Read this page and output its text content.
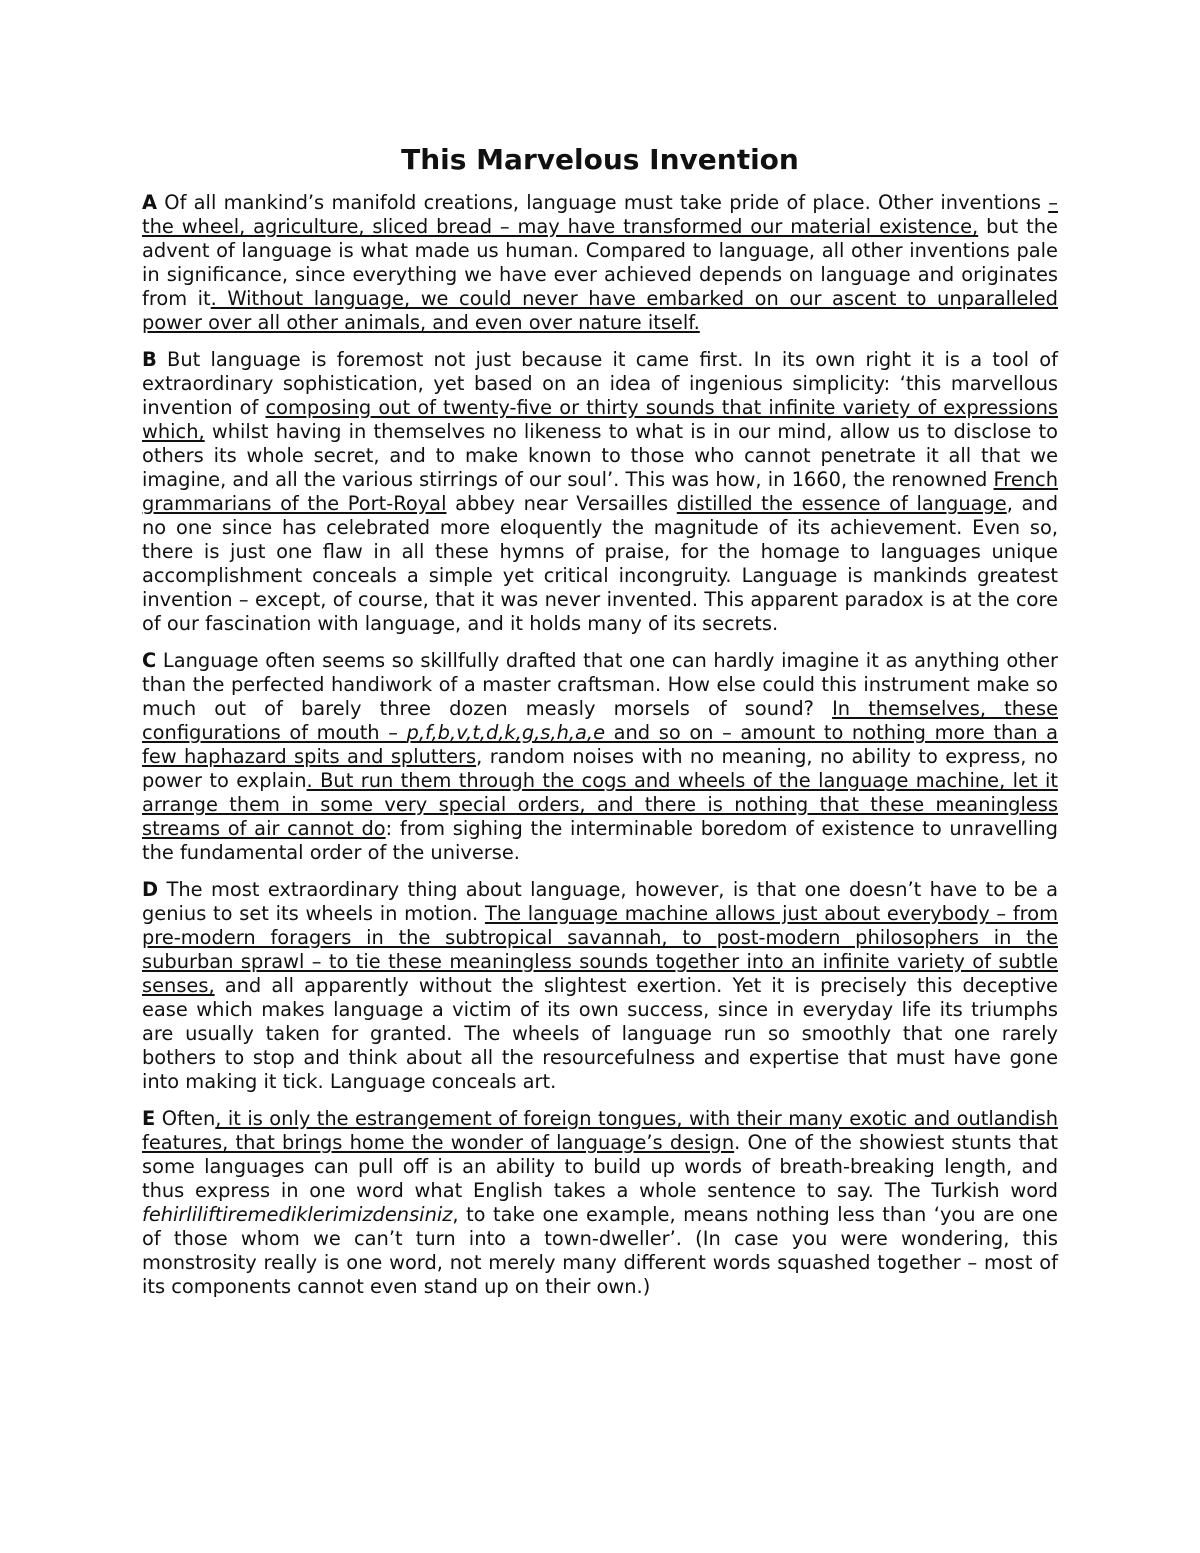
This Marvelous Invention

A Of all mankind’s manifold creations, language must take pride of place. Other inventions – the wheel, agriculture, sliced bread – may have transformed our material existence, but the advent of language is what made us human. Compared to language, all other inventions pale in significance, since everything we have ever achieved depends on language and originates from it. Without language, we could never have embarked on our ascent to unparalleled power over all other animals, and even over nature itself.

B But language is foremost not just because it came first. In its own right it is a tool of extraordinary sophistication, yet based on an idea of ingenious simplicity: ‘this marvellous invention of composing out of twenty-five or thirty sounds that infinite variety of expressions which, whilst having in themselves no likeness to what is in our mind, allow us to disclose to others its whole secret, and to make known to those who cannot penetrate it all that we imagine, and all the various stirrings of our soul’. This was how, in 1660, the renowned French grammarians of the Port-Royal abbey near Versailles distilled the essence of language, and no one since has celebrated more eloquently the magnitude of its achievement. Even so, there is just one flaw in all these hymns of praise, for the homage to languages unique accomplishment conceals a simple yet critical incongruity. Language is mankinds greatest invention – except, of course, that it was never invented. This apparent paradox is at the core of our fascination with language, and it holds many of its secrets.

C Language often seems so skillfully drafted that one can hardly imagine it as anything other than the perfected handiwork of a master craftsman. How else could this instrument make so much out of barely three dozen measly morsels of sound? In themselves, these configurations of mouth – p,f,b,v,t,d,k,g,s,h,a,e and so on – amount to nothing more than a few haphazard spits and splutters, random noises with no meaning, no ability to express, no power to explain. But run them through the cogs and wheels of the language machine, let it arrange them in some very special orders, and there is nothing that these meaningless streams of air cannot do: from sighing the interminable boredom of existence to unravelling the fundamental order of the universe.

D The most extraordinary thing about language, however, is that one doesn’t have to be a genius to set its wheels in motion. The language machine allows just about everybody – from pre-modern foragers in the subtropical savannah, to post-modern philosophers in the suburban sprawl – to tie these meaningless sounds together into an infinite variety of subtle senses, and all apparently without the slightest exertion. Yet it is precisely this deceptive ease which makes language a victim of its own success, since in everyday life its triumphs are usually taken for granted. The wheels of language run so smoothly that one rarely bothers to stop and think about all the resourcefulness and expertise that must have gone into making it tick. Language conceals art.

E Often, it is only the estrangement of foreign tongues, with their many exotic and outlandish features, that brings home the wonder of language’s design. One of the showiest stunts that some languages can pull off is an ability to build up words of breath-breaking length, and thus express in one word what English takes a whole sentence to say. The Turkish word fehirliliftiremediklerimizdensiniz, to take one example, means nothing less than ‘you are one of those whom we can’t turn into a town-dweller’. (In case you were wondering, this monstrosity really is one word, not merely many different words squashed together – most of its components cannot even stand up on their own.)
